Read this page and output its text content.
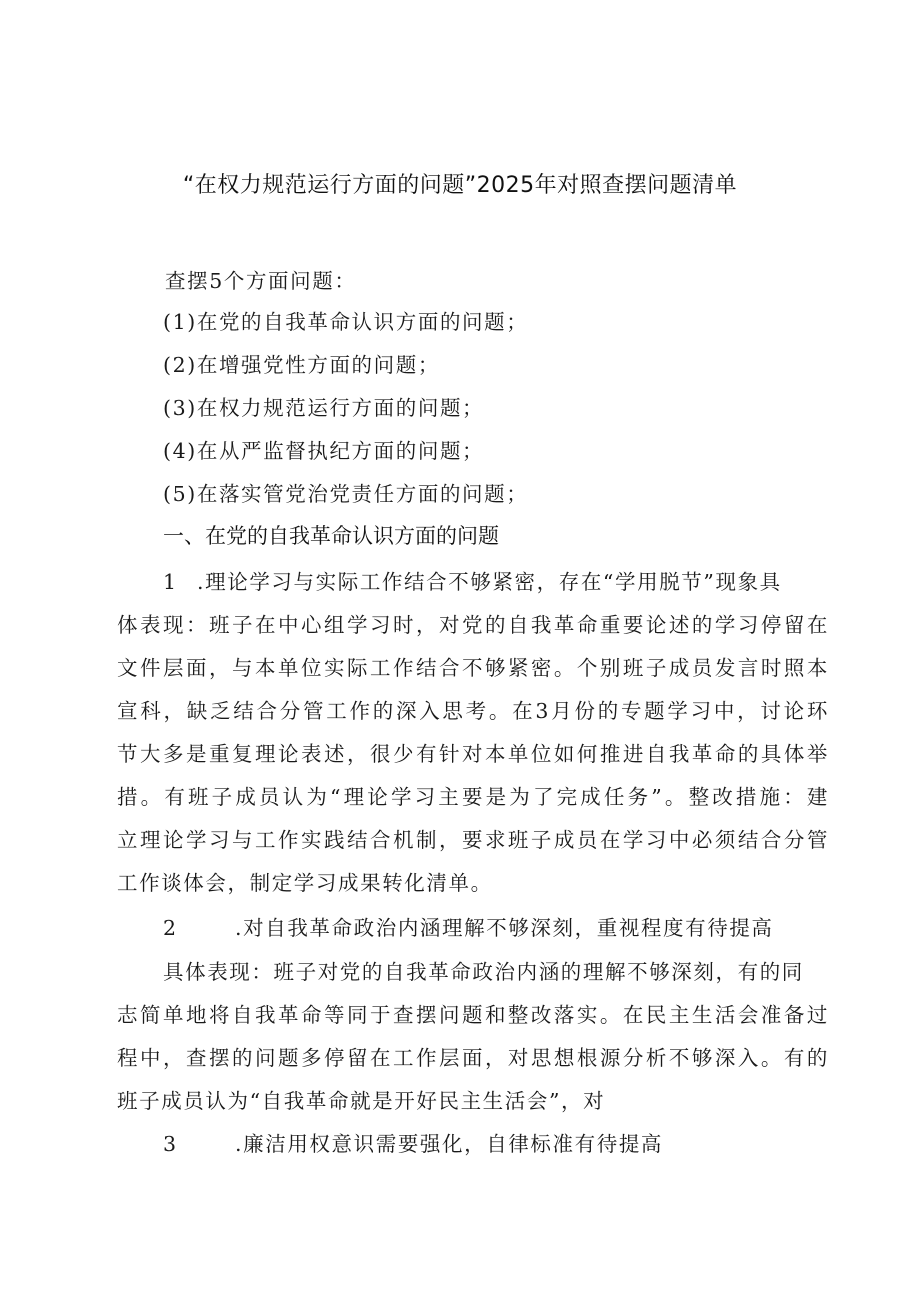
“在权力规范运行方面的问题”2025年对照查摆问题清单
查摆5个方面问题：
(1)在党的自我革命认识方面的问题；
(2)在增强党性方面的问题；
(3)在权力规范运行方面的问题；
(4)在从严监督执纪方面的问题；
(5)在落实管党治党责任方面的问题；
一、在党的自我革命认识方面的问题
1 .理论学习与实际工作结合不够紧密，存在“学用脱节”现象具
体表现：班子在中心组学习时，对党的自我革命重要论述的学习停留在
文件层面，与本单位实际工作结合不够紧密。个别班子成员发言时照本
宣科，缺乏结合分管工作的深入思考。在3月份的专题学习中，讨论环
节大多是重复理论表述，很少有针对本单位如何推进自我革命的具体举
措。有班子成员认为“理论学习主要是为了完成任务”。整改措施：建
立理论学习与工作实践结合机制，要求班子成员在学习中必须结合分管
工作谈体会，制定学习成果转化清单。
2	.对自我革命政治内涵理解不够深刻，重视程度有待提高
具体表现：班子对党的自我革命政治内涵的理解不够深刻，有的同
志简单地将自我革命等同于查摆问题和整改落实。在民主生活会准备过
程中，查摆的问题多停留在工作层面，对思想根源分析不够深入。有的
班子成员认为“自我革命就是开好民主生活会”，对
3	.廉洁用权意识需要强化，自律标准有待提高
